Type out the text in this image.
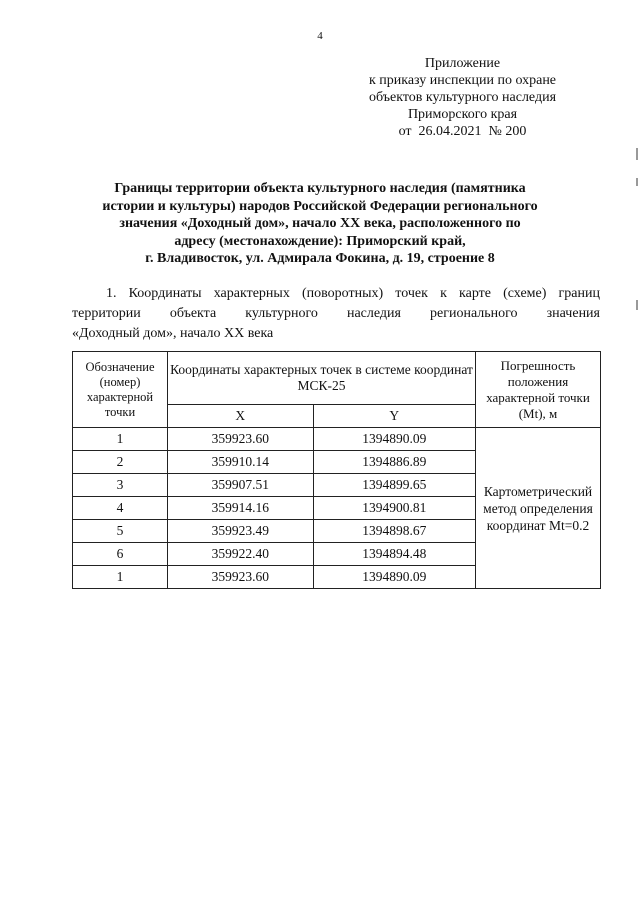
4
Приложение
к приказу инспекции по охране
объектов культурного наследия
Приморского края
от  26.04.2021  № 200
Границы территории объекта культурного наследия (памятника
истории и культуры) народов Российской Федерации регионального
значения «Доходный дом», начало XX века, расположенного по
адресу (местонахождение): Приморский край,
г. Владивосток, ул. Адмирала Фокина, д. 19, строение 8
1. Координаты характерных (поворотных) точек к карте (схеме) границ
территории объекта культурного наследия регионального значения
«Доходный дом», начало XX века
Обозначение (номер) характерной точки	Координаты характерных точек в системе координат МСК-25		Погрешность положения характерной точки (Mt), м
	X	Y	
1	359923.60	1394890.09	Картометрический метод определения координат Mt=0.2
2	359910.14	1394886.89	
3	359907.51	1394899.65	
4	359914.16	1394900.81	
5	359923.49	1394898.67	
6	359922.40	1394894.48	
1	359923.60	1394890.09	
